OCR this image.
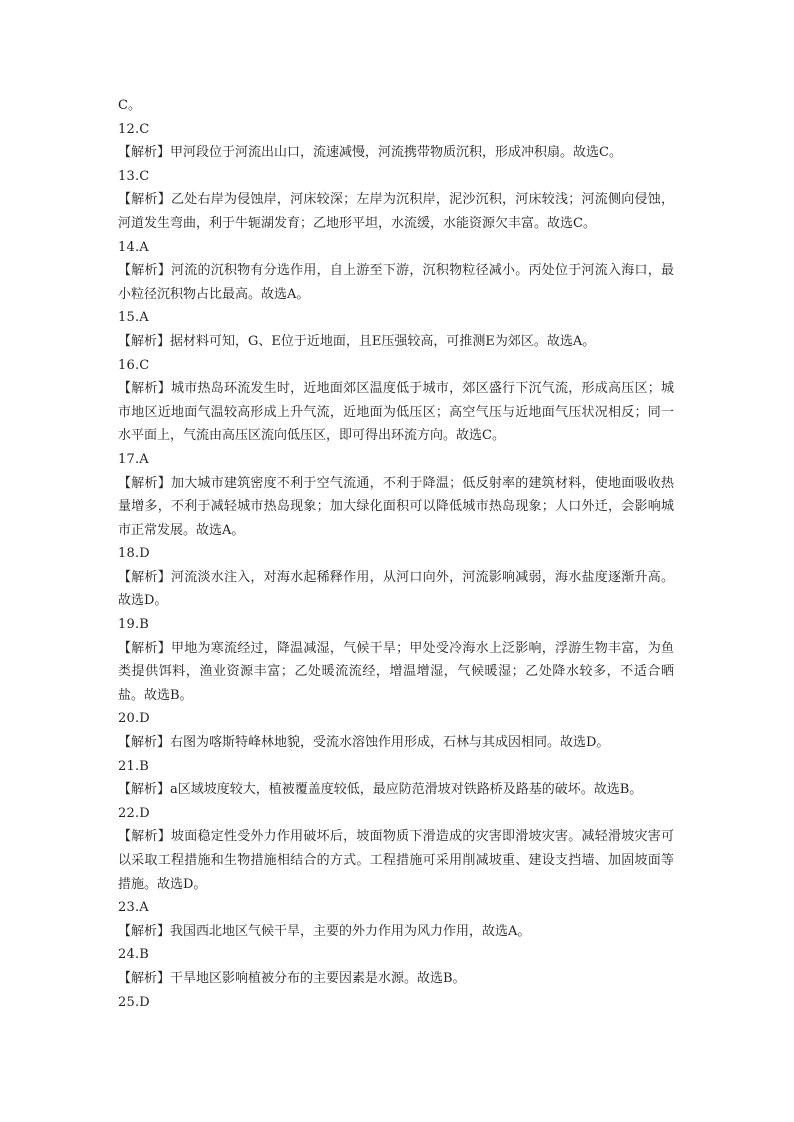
C。

12.C

【解析】甲河段位于河流出山口，流速减慢，河流携带物质沉积，形成冲积扇。故选C。

13.C

【解析】乙处右岸为侵蚀岸，河床较深；左岸为沉积岸，泥沙沉积，河床较浅；河流侧向侵蚀，河道发生弯曲，利于牛轭湖发育；乙地形平坦，水流缓，水能资源欠丰富。故选C。

14.A

【解析】河流的沉积物有分选作用，自上游至下游，沉积物粒径减小。丙处位于河流入海口，最小粒径沉积物占比最高。故选A。

15.A

【解析】据材料可知，G、E位于近地面，且E压强较高，可推测E为郊区。故选A。

16.C

【解析】城市热岛环流发生时，近地面郊区温度低于城市，郊区盛行下沉气流，形成高压区；城市地区近地面气温较高形成上升气流，近地面为低压区；高空气压与近地面气压状况相反；同一水平面上，气流由高压区流向低压区，即可得出环流方向。故选C。

17.A

【解析】加大城市建筑密度不利于空气流通，不利于降温；低反射率的建筑材料，使地面吸收热量增多，不利于减轻城市热岛现象；加大绿化面积可以降低城市热岛现象；人口外迁，会影响城市正常发展。故选A。

18.D

【解析】河流淡水注入，对海水起稀释作用，从河口向外，河流影响减弱，海水盐度逐渐升高。故选D。

19.B

【解析】甲地为寒流经过，降温减湿，气候干旱；甲处受冷海水上泛影响，浮游生物丰富，为鱼类提供饵料，渔业资源丰富；乙处暖流流经，增温增湿，气候暖湿；乙处降水较多，不适合晒盐。故选B。

20.D

【解析】右图为喀斯特峰林地貌，受流水溶蚀作用形成，石林与其成因相同。故选D。

21.B

【解析】a区域坡度较大，植被覆盖度较低，最应防范滑坡对铁路桥及路基的破坏。故选B。

22.D

【解析】坡面稳定性受外力作用破坏后，坡面物质下滑造成的灾害即滑坡灾害。减轻滑坡灾害可以采取工程措施和生物措施相结合的方式。工程措施可采用削减坡重、建设支挡墙、加固坡面等措施。故选D。

23.A

【解析】我国西北地区气候干旱，主要的外力作用为风力作用，故选A。

24.B

【解析】干旱地区影响植被分布的主要因素是水源。故选B。

25.D
